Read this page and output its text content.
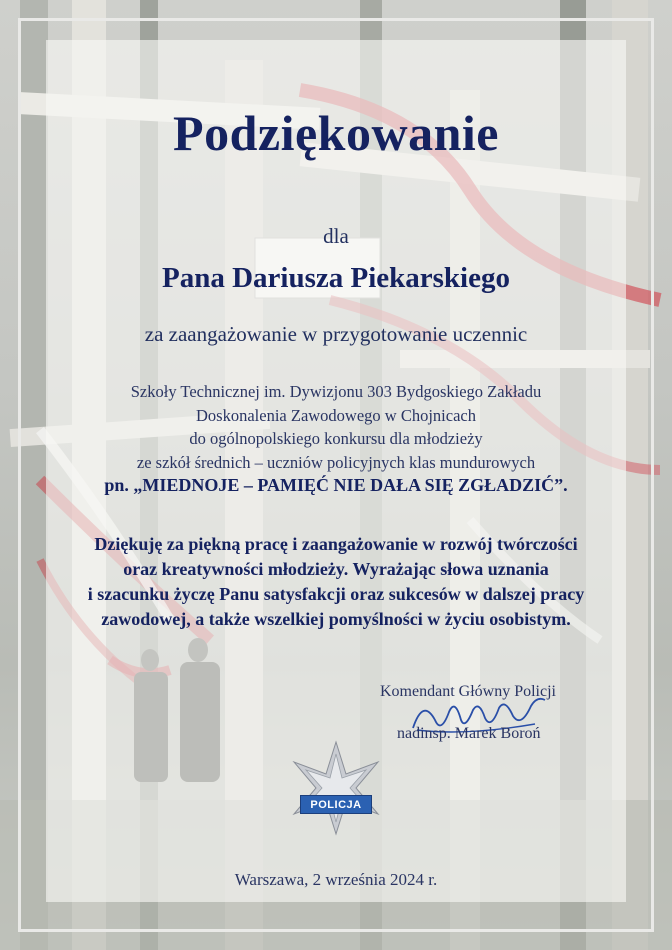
Podziękowanie
dla
Pana Dariusza Piekarskiego
za zaangażowanie w przygotowanie uczennic
Szkoły Technicznej im. Dywizjonu 303 Bydgoskiego Zakładu
Doskonalenia Zawodowego w Chojnicach
do ogólnopolskiego konkursu dla młodzieży
ze szkół średnich – uczniów policyjnych klas mundurowych
pn. „MIEDNOJE – PAMIĘĆ NIE DAŁA SIĘ ZGŁADZIĆ”.
Dziękuję za piękną pracę i zaangażowanie w rozwój twórczości
oraz kreatywności młodzieży. Wyrażając słowa uznania
i szacunku życzę Panu satysfakcji oraz sukcesów w dalszej pracy
zawodowej, a także wszelkiej pomyślności w życiu osobistym.
Komendant Główny Policji
nadinsp. Marek Boroń
POLICJA
Warszawa, 2 września 2024 r.
